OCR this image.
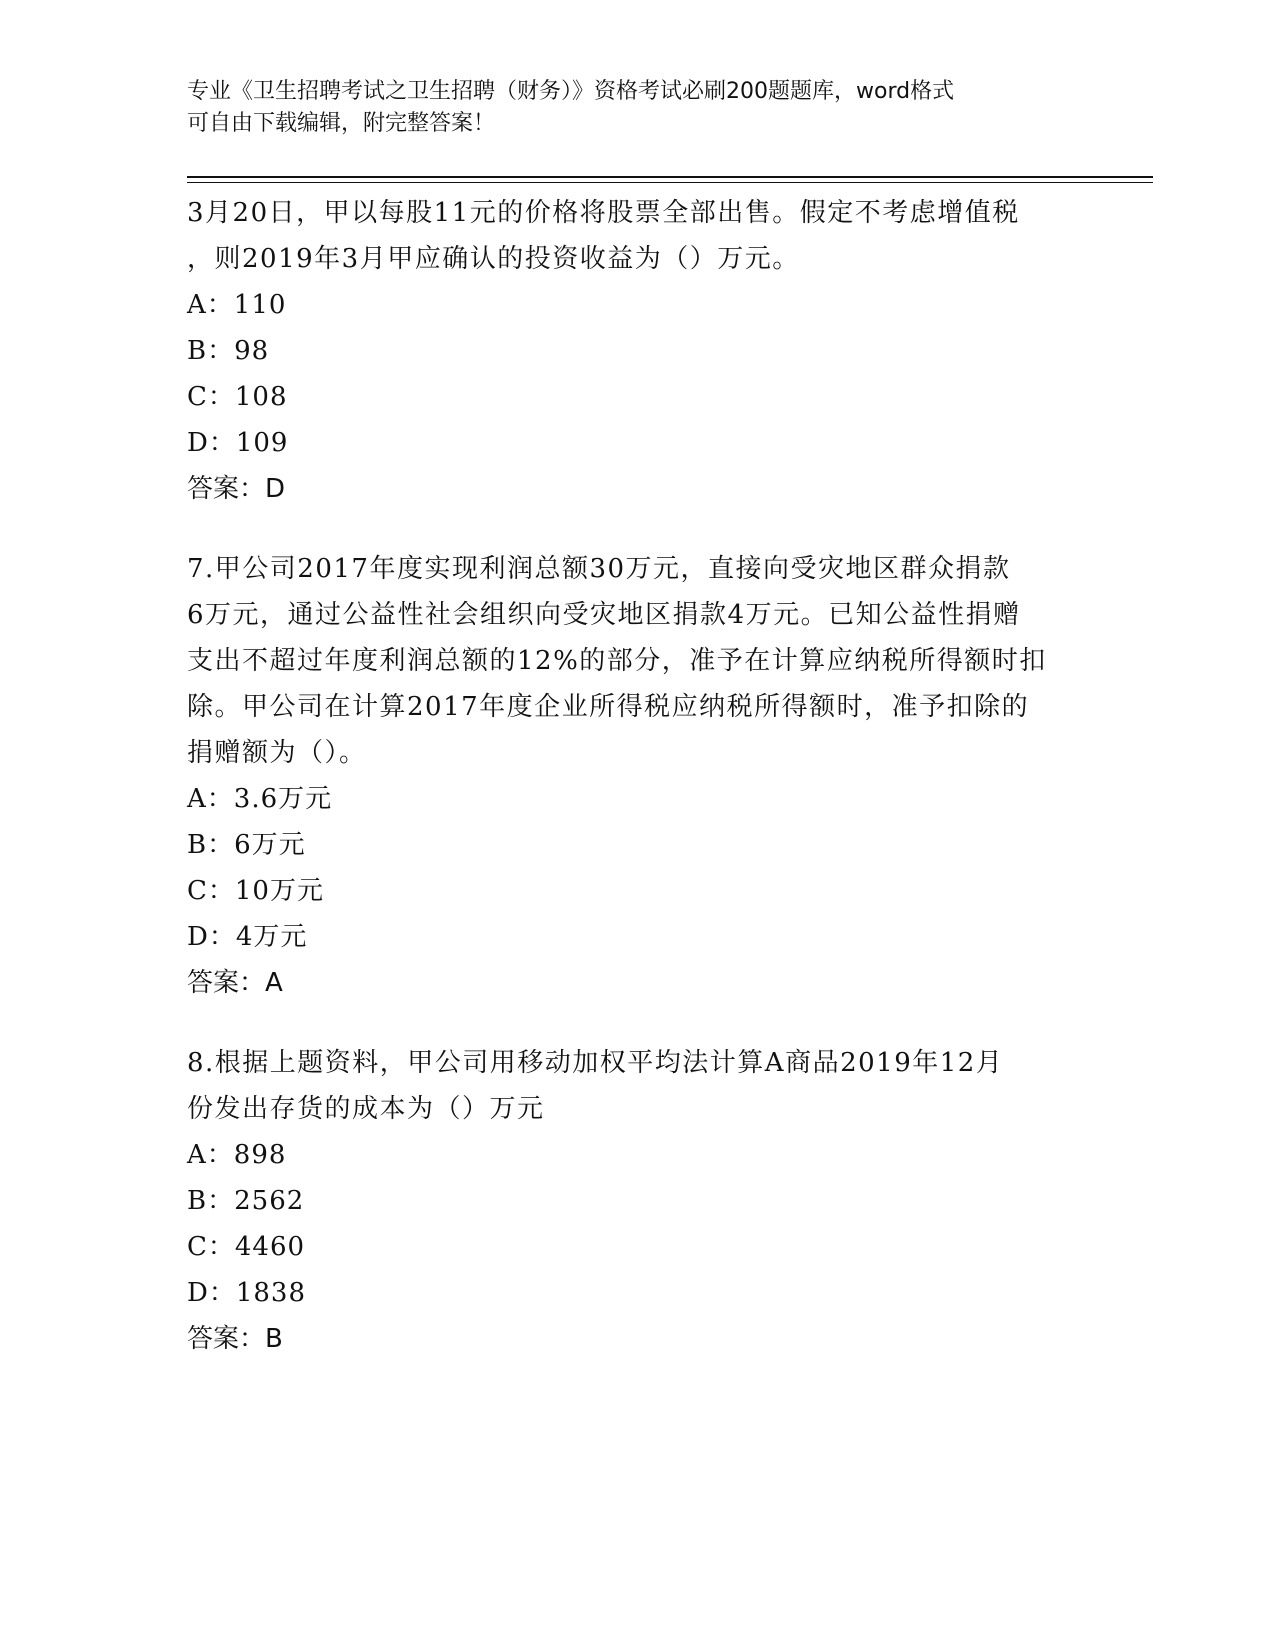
专业《卫生招聘考试之卫生招聘（财务）》资格考试必刷200题题库，word格式
可自由下载编辑，附完整答案！

3月20日，甲以每股11元的价格将股票全部出售。假定不考虑增值税

，则2019年3月甲应确认的投资收益为（）万元。

A：110

B：98

C：108

D：109

答案：D

7.甲公司2017年度实现利润总额30万元，直接向受灾地区群众捐款

6万元，通过公益性社会组织向受灾地区捐款4万元。已知公益性捐赠

支出不超过年度利润总额的12%的部分，准予在计算应纳税所得额时扣

除。甲公司在计算2017年度企业所得税应纳税所得额时，准予扣除的

捐赠额为（）。

A：3.6万元

B：6万元

C：10万元

D：4万元

答案：A

8.根据上题资料，甲公司用移动加权平均法计算A商品2019年12月

份发出存货的成本为（）万元

A：898

B：2562

C：4460

D：1838

答案：B
